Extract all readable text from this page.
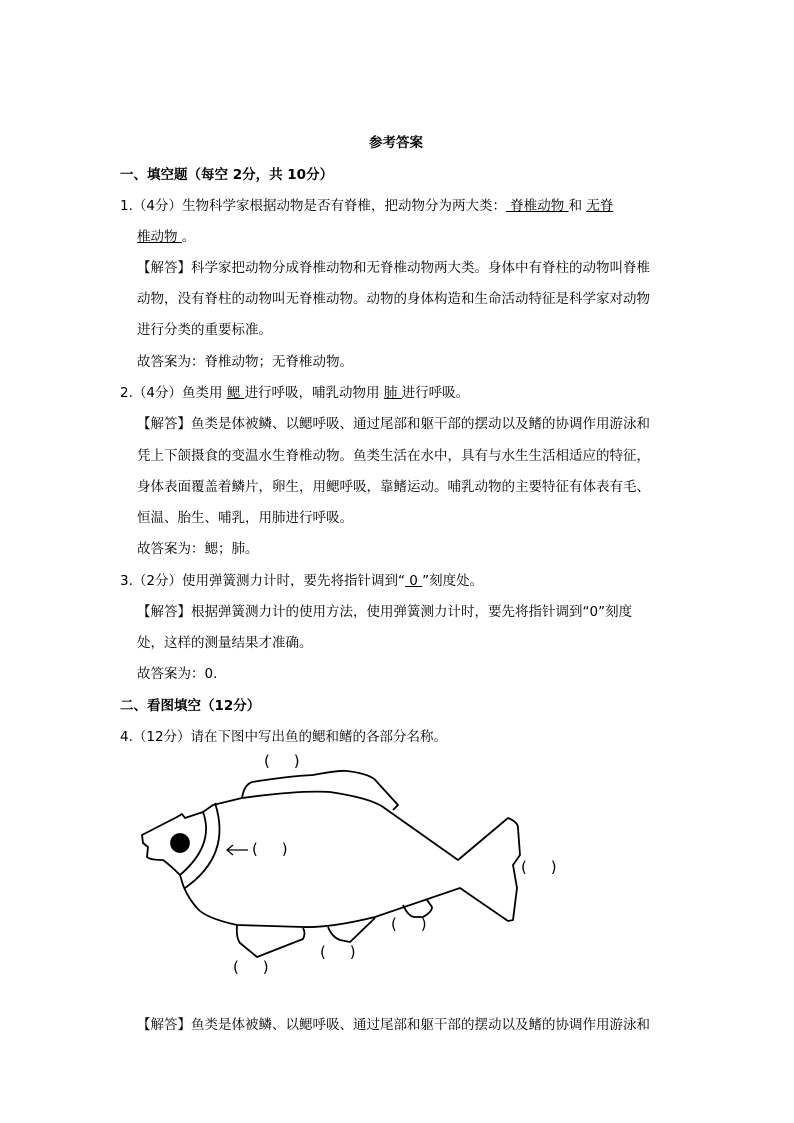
参考答案
一、填空题（每空 2分，共 10分）
1.（4分）生物科学家根据动物是否有脊椎，把动物分为两大类： 脊椎动物 和 无脊
椎动物 。
【解答】科学家把动物分成脊椎动物和无脊椎动物两大类。身体中有脊柱的动物叫脊椎
动物，没有脊柱的动物叫无脊椎动物。动物的身体构造和生命活动特征是科学家对动物
进行分类的重要标准。
故答案为：脊椎动物；无脊椎动物。
2.（4分）鱼类用 鳃 进行呼吸，哺乳动物用 肺 进行呼吸。
【解答】鱼类是体被鳞、以鳃呼吸、通过尾部和躯干部的摆动以及鳍的协调作用游泳和
凭上下颌摄食的变温水生脊椎动物。鱼类生活在水中，具有与水生生活相适应的特征，
身体表面覆盖着鳞片，卵生，用鳃呼吸，靠鳍运动。哺乳动物的主要特征有体表有毛、
恒温、胎生、哺乳，用肺进行呼吸。
故答案为：鳃；肺。
3.（2分）使用弹簧测力计时，要先将指针调到“ 0 ”刻度处。
【解答】根据弹簧测力计的使用方法，使用弹簧测力计时，要先将指针调到“0”刻度
处，这样的测量结果才准确。
故答案为：0.
二、看图填空（12分）
4.（12分）请在下图中写出鱼的鳃和鳍的各部分名称。
(     )
(     )
(     )
(     )
(     )
(     )
【解答】鱼类是体被鳞、以鳃呼吸、通过尾部和躯干部的摆动以及鳍的协调作用游泳和
